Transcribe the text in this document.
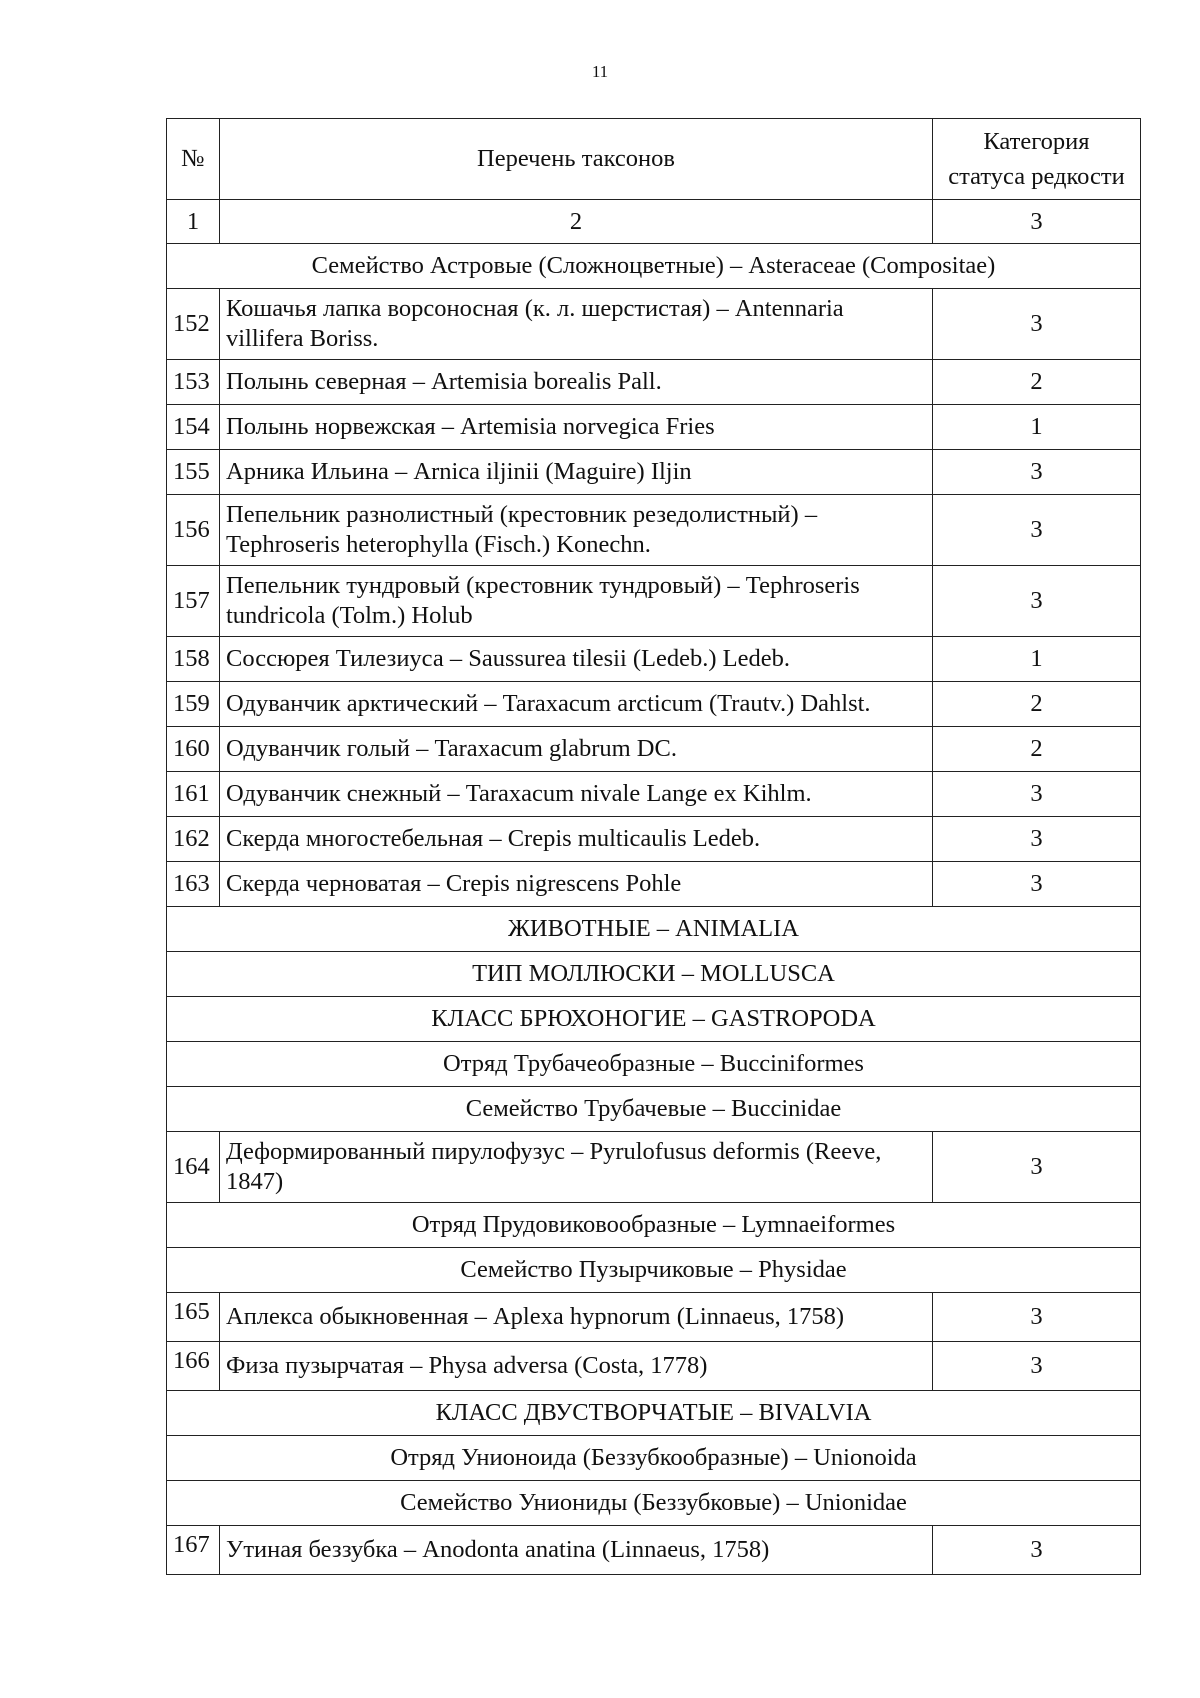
11
№	Перечень таксонов	Категория
статуса редкости
1	2	3
Семейство Астровые (Сложноцветные) – Asteraceae (Compositae)		
152	Кошачья лапка ворсоносная (к. л. шерстистая) – Antennaria villifera Boriss.	3
153	Полынь северная – Artemisia borealis Pall.	2
154	Полынь норвежская – Artemisia norvegica Fries	1
155	Арника Ильина – Arnica iljinii (Maguire) Iljin	3
156	Пепельник разнолистный (крестовник резедолистный) – Tephroseris heterophylla (Fisch.) Konechn.	3
157	Пепельник тундровый (крестовник тундровый) – Tephroseris tundricola (Tolm.) Holub	3
158	Соссюрея Тилезиуса – Saussurea tilesii (Ledeb.) Ledeb.	1
159	Одуванчик арктический – Taraxacum arcticum (Trautv.) Dahlst.	2
160	Одуванчик голый – Taraxacum glabrum DC.	2
161	Одуванчик снежный – Taraxacum nivale Lange ex Kihlm.	3
162	Скерда многостебельная – Crepis multicaulis Ledeb.	3
163	Скерда черноватая – Crepis nigrescens Pohle	3
ЖИВОТНЫЕ – ANIMALIA		
ТИП МОЛЛЮСКИ – MOLLUSCA		
КЛАСС БРЮХОНОГИЕ – GASTROPODA		
Отряд Трубачеобразные – Bucciniformes		
Семейство Трубачевые – Buccinidae		
164	Деформированный пирулофузус – Pyrulofusus deformis (Reeve, 1847)	3
Отряд Прудовиковообразные – Lymnaeiformes		
Семейство Пузырчиковые – Physidae		
165	Аплекса обыкновенная – Aplexa hypnorum (Linnaeus, 1758)	3
166	Физа пузырчатая – Physa adversa (Costa, 1778)	3
КЛАСС ДВУСТВОРЧАТЫЕ – BIVALVIA		
Отряд Унионоида (Беззубкообразные) – Unionoida		
Семейство Униониды (Беззубковые) – Unionidae		
167	Утиная беззубка – Anodonta anatina (Linnaeus, 1758)	3
